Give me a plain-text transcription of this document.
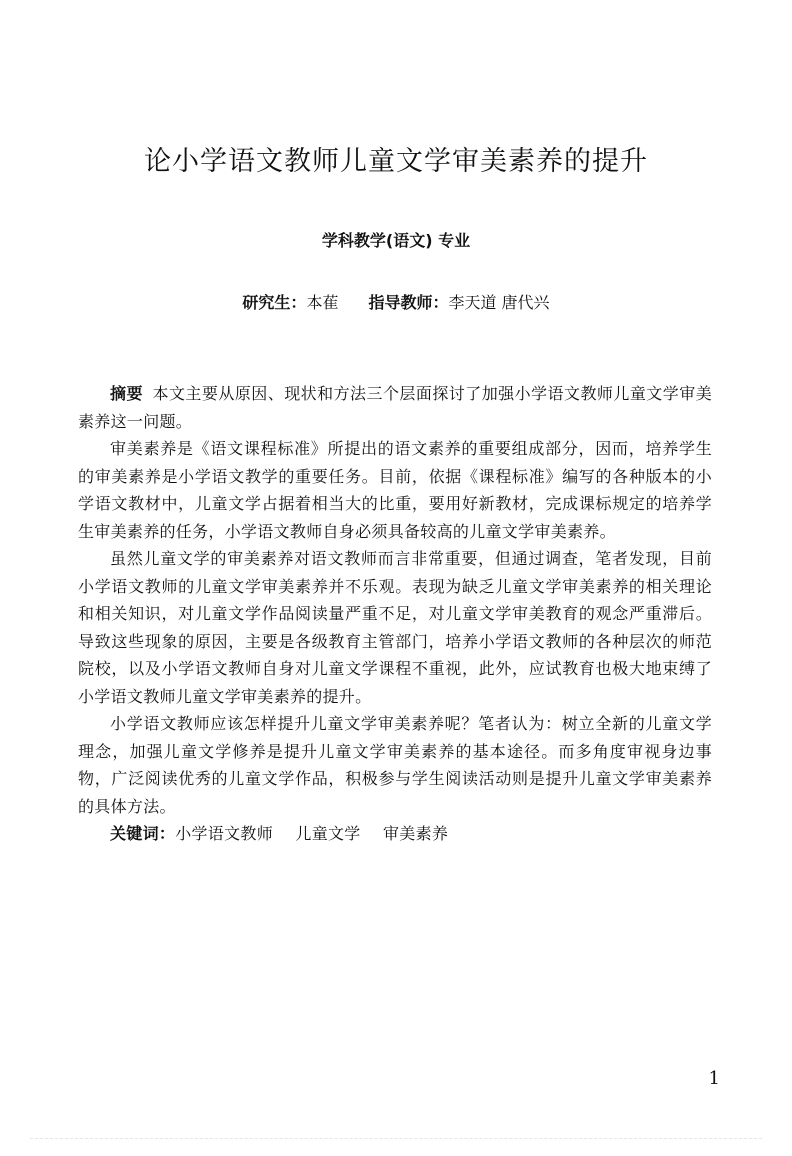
论小学语文教师儿童文学审美素养的提升
学科教学(语文) 专业
研究生：本萑 指导教师：李天道 唐代兴

摘要 本文主要从原因、现状和方法三个层面探讨了加强小学语文教师儿童文学审美素养这一问题。

审美素养是《语文课程标准》所提出的语文素养的重要组成部分，因而，培养学生的审美素养是小学语文教学的重要任务。目前，依据《课程标准》编写的各种版本的小学语文教材中，儿童文学占据着相当大的比重，要用好新教材，完成课标规定的培养学生审美素养的任务，小学语文教师自身必须具备较高的儿童文学审美素养。

虽然儿童文学的审美素养对语文教师而言非常重要，但通过调查，笔者发现，目前小学语文教师的儿童文学审美素养并不乐观。表现为缺乏儿童文学审美素养的相关理论和相关知识，对儿童文学作品阅读量严重不足，对儿童文学审美教育的观念严重滞后。导致这些现象的原因，主要是各级教育主管部门，培养小学语文教师的各种层次的师范院校，以及小学语文教师自身对儿童文学课程不重视，此外，应试教育也极大地束缚了小学语文教师儿童文学审美素养的提升。

小学语文教师应该怎样提升儿童文学审美素养呢？笔者认为：树立全新的儿童文学理念，加强儿童文学修养是提升儿童文学审美素养的基本途径。而多角度审视身边事物，广泛阅读优秀的儿童文学作品，积极参与学生阅读活动则是提升儿童文学审美素养的具体方法。

关键词：小学语文教师 儿童文学 审美素养

1
